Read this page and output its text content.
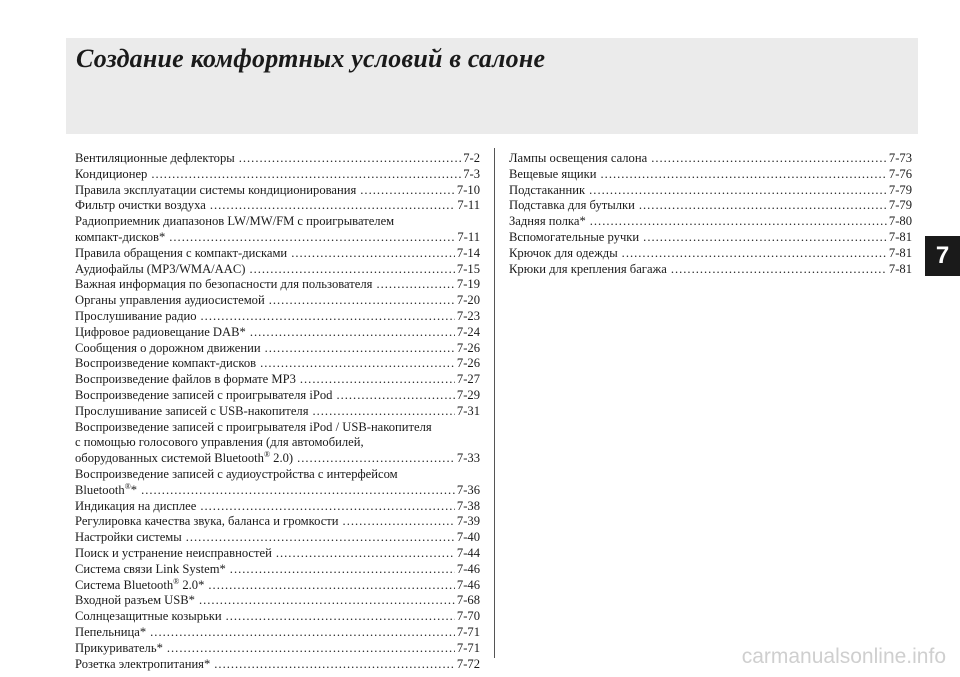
Создание комфортных условий в салоне
7
Вентиляционные дефлекторы .....	7-2
Кондиционер .....	7-3
Правила эксплуатации системы кондиционирования .....	7-10
Фильтр очистки воздуха .....	7-11
Радиоприемник диапазонов LW/MW/FM с проигрывателем
компакт-дисков* .....	7-11
Правила обращения с компакт-дисками .....	7-14
Аудиофайлы (MP3/WMA/AAC) .....	7-15
Важная информация по безопасности для пользователя .....	7-19
Органы управления аудиосистемой .....	7-20
Прослушивание радио .....	7-23
Цифровое радиовещание DAB* .....	7-24
Сообщения о дорожном движении .....	7-26
Воспроизведение компакт-дисков .....	7-26
Воспроизведение файлов в формате MP3 .....	7-27
Воспроизведение записей с проигрывателя iPod .....	7-29
Прослушивание записей с USB-накопителя .....	7-31
Воспроизведение записей с проигрывателя iPod / USB-накопителя
с помощью голосового управления (для автомобилей,
оборудованных системой Bluetooth® 2.0) .....	7-33
Воспроизведение записей с аудиоустройства с интерфейсом
Bluetooth®* .....	7-36
Индикация на дисплее .....	7-38
Регулировка качества звука, баланса и громкости .....	7-39
Настройки системы .....	7-40
Поиск и устранение неисправностей .....	7-44
Система связи Link System* .....	7-46
Система Bluetooth® 2.0* .....	7-46
Входной разъем USB* .....	7-68
Солнцезащитные козырьки .....	7-70
Пепельница* .....	7-71
Прикуриватель* .....	7-71
Розетка электропитания* .....	7-72
Лампы освещения салона .....	7-73
Вещевые ящики .....	7-76
Подстаканник .....	7-79
Подставка для бутылки .....	7-79
Задняя полка* .....	7-80
Вспомогательные ручки .....	7-81
Крючок для одежды .....	7-81
Крюки для крепления багажа .....	7-81
carmanualsonline.info
